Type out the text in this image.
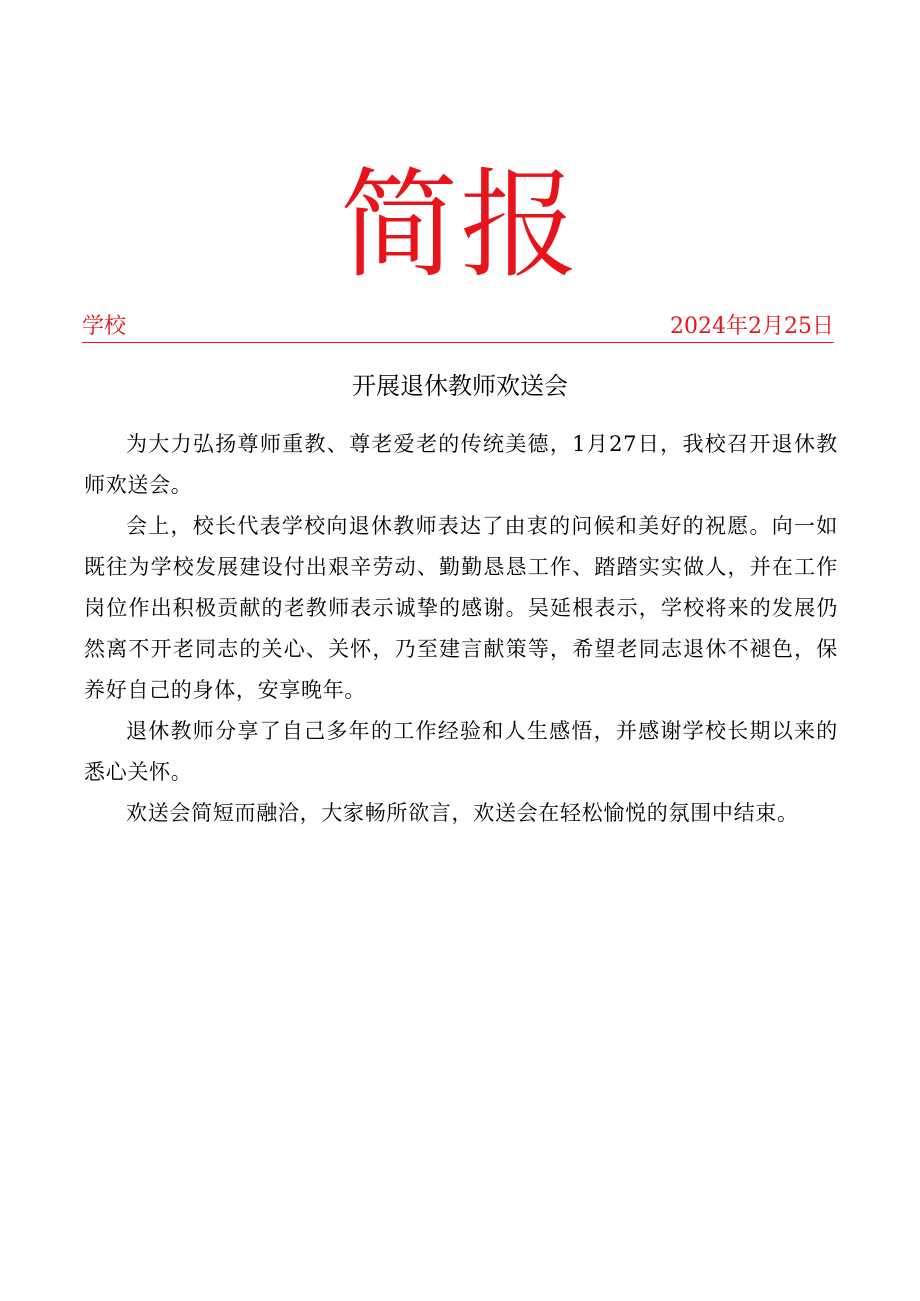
简报
学校	2024年2月25日
开展退休教师欢送会

为大力弘扬尊师重教、尊老爱老的传统美德，1月27日，我校召开退休教师欢送会。

会上，校长代表学校向退休教师表达了由衷的问候和美好的祝愿。向一如既往为学校发展建设付出艰辛劳动、勤勤恳恳工作、踏踏实实做人，并在工作岗位作出积极贡献的老教师表示诚挚的感谢。吴延根表示，学校将来的发展仍然离不开老同志的关心、关怀，乃至建言献策等，希望老同志退休不褪色，保养好自己的身体，安享晚年。

退休教师分享了自己多年的工作经验和人生感悟，并感谢学校长期以来的悉心关怀。

欢送会简短而融洽，大家畅所欲言，欢送会在轻松愉悦的氛围中结束。
